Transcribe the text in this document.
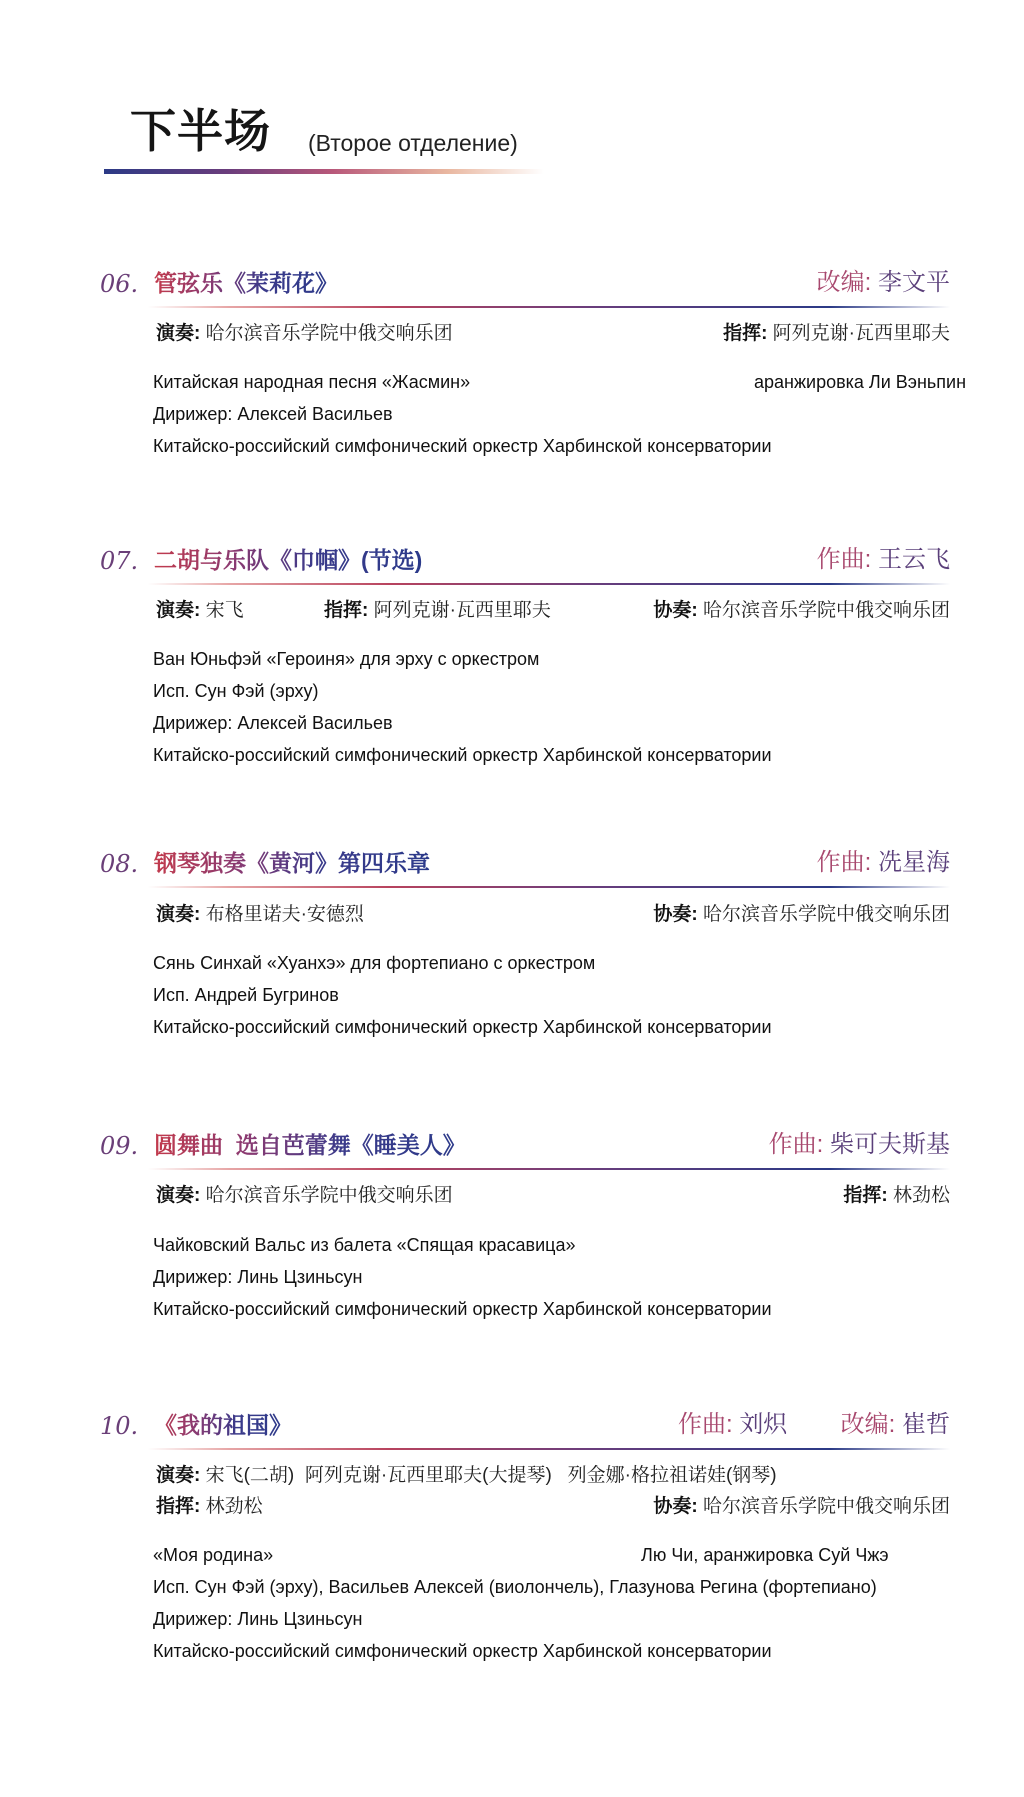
下半场 (Второе отделение)
06. 管弦乐《茉莉花》	改编: 李文平
演奏: 哈尔滨音乐学院中俄交响乐团	指挥: 阿列克谢·瓦西里耶夫
Китайская народная песня «Жасмин»	аранжировка Ли Вэньпин
Дирижер: Алексей Васильев
Китайско-российский симфонический оркестр Харбинской консерватории
07. 二胡与乐队《巾帼》(节选)	作曲: 王云飞
演奏: 宋飞	指挥: 阿列克谢·瓦西里耶夫	协奏: 哈尔滨音乐学院中俄交响乐团
Ван Юньфэй «Героиня» для эрху с оркестром
Исп. Сун Фэй (эрху)
Дирижер: Алексей Васильев
Китайско-российский симфонический оркестр Харбинской консерватории
08. 钢琴独奏《黄河》第四乐章	作曲: 冼星海
演奏: 布格里诺夫·安德烈	协奏: 哈尔滨音乐学院中俄交响乐团
Сянь Синхай «Хуанхэ» для фортепиано с оркестром
Исп. Андрей Бугринов
Китайско-российский симфонический оркестр Харбинской консерватории
09. 圆舞曲  选自芭蕾舞《睡美人》	作曲: 柴可夫斯基
演奏: 哈尔滨音乐学院中俄交响乐团	指挥: 林劲松
Чайковский Вальс из балета «Спящая красавица»
Дирижер: Линь Цзиньсун
Китайско-российский симфонический оркестр Харбинской консерватории
10. 《我的祖国》	作曲: 刘炽 改编: 崔哲
演奏: 宋飞(二胡)  阿列克谢·瓦西里耶夫(大提琴)   列金娜·格拉祖诺娃(钢琴)
指挥: 林劲松	协奏: 哈尔滨音乐学院中俄交响乐团
«Моя родина»	Лю Чи, аранжировка Суй Чжэ
Исп. Сун Фэй (эрху), Васильев Алексей (виолончель), Глазунова Регина (фортепиано)
Дирижер: Линь Цзиньсун
Китайско-российский симфонический оркестр Харбинской консерватории
